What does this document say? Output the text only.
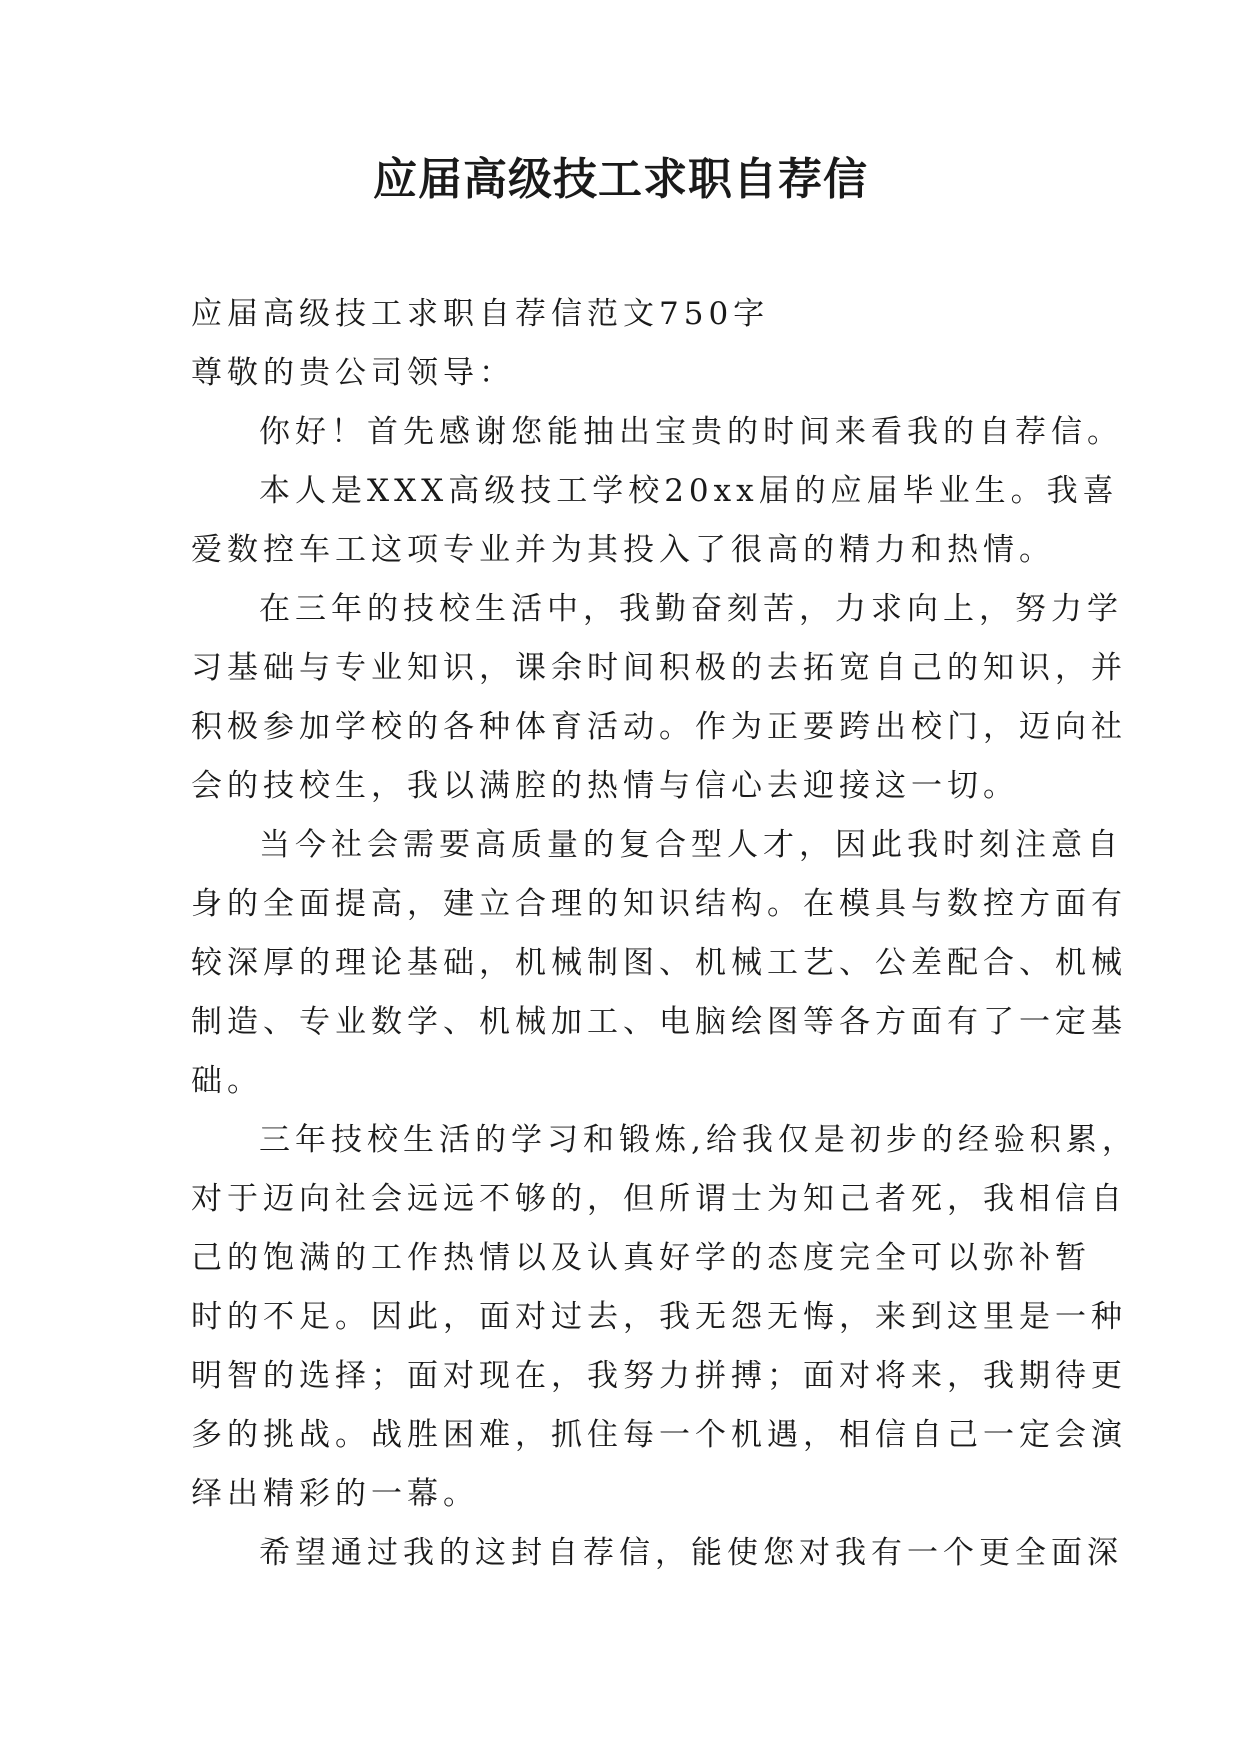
应届高级技工求职自荐信
应届高级技工求职自荐信范文750字
尊敬的贵公司领导：
你好！首先感谢您能抽出宝贵的时间来看我的自荐信。
本人是XXX高级技工学校20xx届的应届毕业生。我喜
爱数控车工这项专业并为其投入了很高的精力和热情。
在三年的技校生活中，我勤奋刻苦，力求向上，努力学
习基础与专业知识，课余时间积极的去拓宽自己的知识，并
积极参加学校的各种体育活动。作为正要跨出校门，迈向社
会的技校生，我以满腔的热情与信心去迎接这一切。
当今社会需要高质量的复合型人才，因此我时刻注意自
身的全面提高，建立合理的知识结构。在模具与数控方面有
较深厚的理论基础，机械制图、机械工艺、公差配合、机械
制造、专业数学、机械加工、电脑绘图等各方面有了一定基
础。
三年技校生活的学习和锻炼,给我仅是初步的经验积累，
对于迈向社会远远不够的，但所谓士为知己者死，我相信自
己的饱满的工作热情以及认真好学的态度完全可以弥补暂
时的不足。因此，面对过去，我无怨无悔，来到这里是一种
明智的选择；面对现在，我努力拼搏；面对将来，我期待更
多的挑战。战胜困难，抓住每一个机遇，相信自己一定会演
绎出精彩的一幕。
希望通过我的这封自荐信，能使您对我有一个更全面深
